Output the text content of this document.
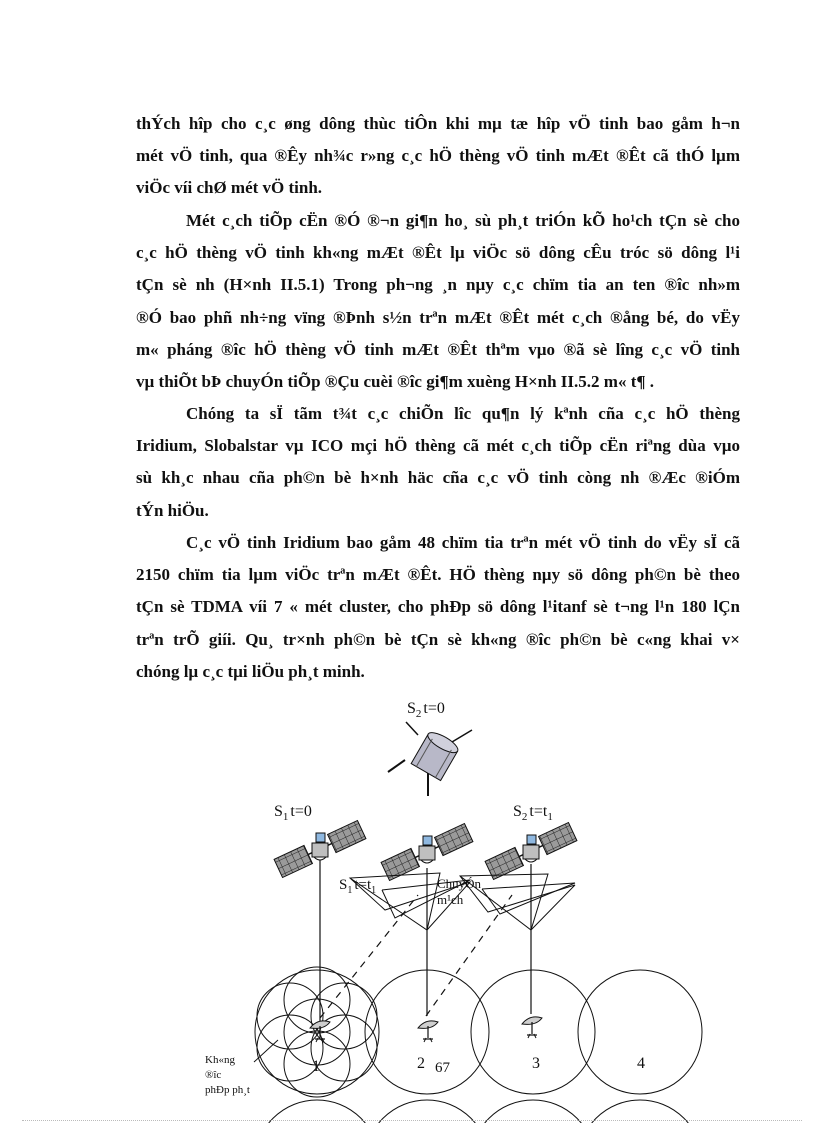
thÝch hîp cho c¸c øng dông thùc tiÔn khi mµ tæ hîp vÖ tinh bao gåm h¬n
mét vÖ tinh, qua ®Êy nh¾c r»ng c¸c hÖ thèng vÖ tinh mÆt ®Êt cã thÓ lµm
viÖc víi chØ mét vÖ tinh.
Mét c¸ch tiÕp cËn ®Ó ®¬n gi¶n ho¸ sù ph¸t triÓn kÕ ho¹ch tÇn sè cho
c¸c hÖ thèng vÖ tinh kh«ng mÆt ®Êt lµ viÖc sö dông cÊu tróc sö dông l¹i
tÇn sè nh (H×nh II.5.1) Trong ph¬ng ¸n nµy c¸c chïm tia an ten ®îc nh»m
®Ó bao phñ nh÷ng vïng ®Þnh s½n trªn mÆt ®Êt mét c¸ch ®ång bé, do vËy
m« pháng ®îc hÖ thèng vÖ tinh mÆt ®Êt thªm vµo ®ã sè lîng c¸c vÖ tinh
vµ thiÕt bÞ chuyÓn tiÕp ®Çu cuèi ®îc gi¶m xuèng H×nh II.5.2 m« t¶ .
Chóng ta sÏ tãm t¾t c¸c chiÕn lîc qu¶n lý kªnh cña c¸c hÖ thèng
Iridium, Slobalstar vµ ICO mçi hÖ thèng cã mét c¸ch tiÕp cËn riªng dùa vµo
sù kh¸c nhau cña ph©n bè h×nh häc cña c¸c vÖ tinh còng nh ®Æc ®iÓm
tÝn hiÖu.
C¸c vÖ tinh Iridium bao gåm 48 chïm tia trªn mét vÖ tinh do vËy sÏ cã
2150 chïm tia lµm viÖc trªn mÆt ®Êt. HÖ thèng nµy sö dông ph©n bè theo
tÇn sè TDMA víi 7 « mét cluster, cho phÐp sö dông l¹itanf sè t¬ng l¹n 180 lÇn
trªn trÕ giíi. Qu¸ tr×nh ph©n bè tÇn sè kh«ng ®îc ph©n bè c«ng khai v×
chóng lµ c¸c tµi liÖu ph¸t minh.
$S_2$ t=0
$S_1$ t=0	$S_2$ $t=t_1$
$S_1$ $t=t_1$	ChuyÓn
m¹ch
1	2 67	3	4
Kh«ng
®îc
phÐp ph¸t
